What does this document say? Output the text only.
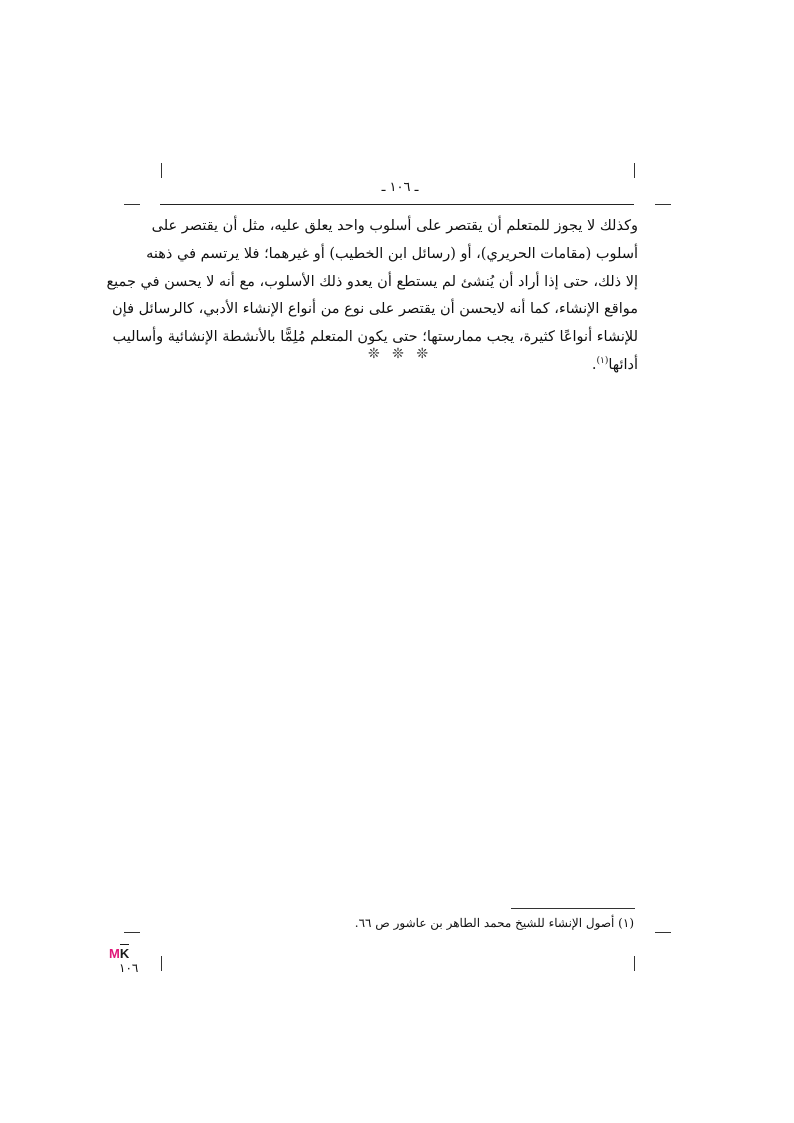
ـ ١٠٦ ـ
وكذلك لا يجوز للمتعلم أن يقتصر على أسلوب واحد يعلق عليه، مثل أن يقتصر على
أسلوب (مقامات الحريري)، أو (رسائل ابن الخطيب) أو غيرهما؛ فلا يرتسم في ذهنه
إلا ذلك، حتى إذا أراد أن يُنشئ لم يستطع أن يعدو ذلك الأسلوب، مع أنه لا يحسن في جميع
مواقع الإنشاء، كما أنه لايحسن أن يقتصر على نوع من أنواع الإنشاء الأدبي، كالرسائل فإن
للإنشاء أنواعًا كثيرة، يجب ممارستها؛ حتى يكون المتعلم مُلِمًّا بالأنشطة الإنشائية وأساليب
أدائها$^{(١)}$.
❊ ❊ ❊
(١) أصول الإنشاء للشيخ محمد الطاهر بن عاشور ص ٦٦.
MK
١٠٦
